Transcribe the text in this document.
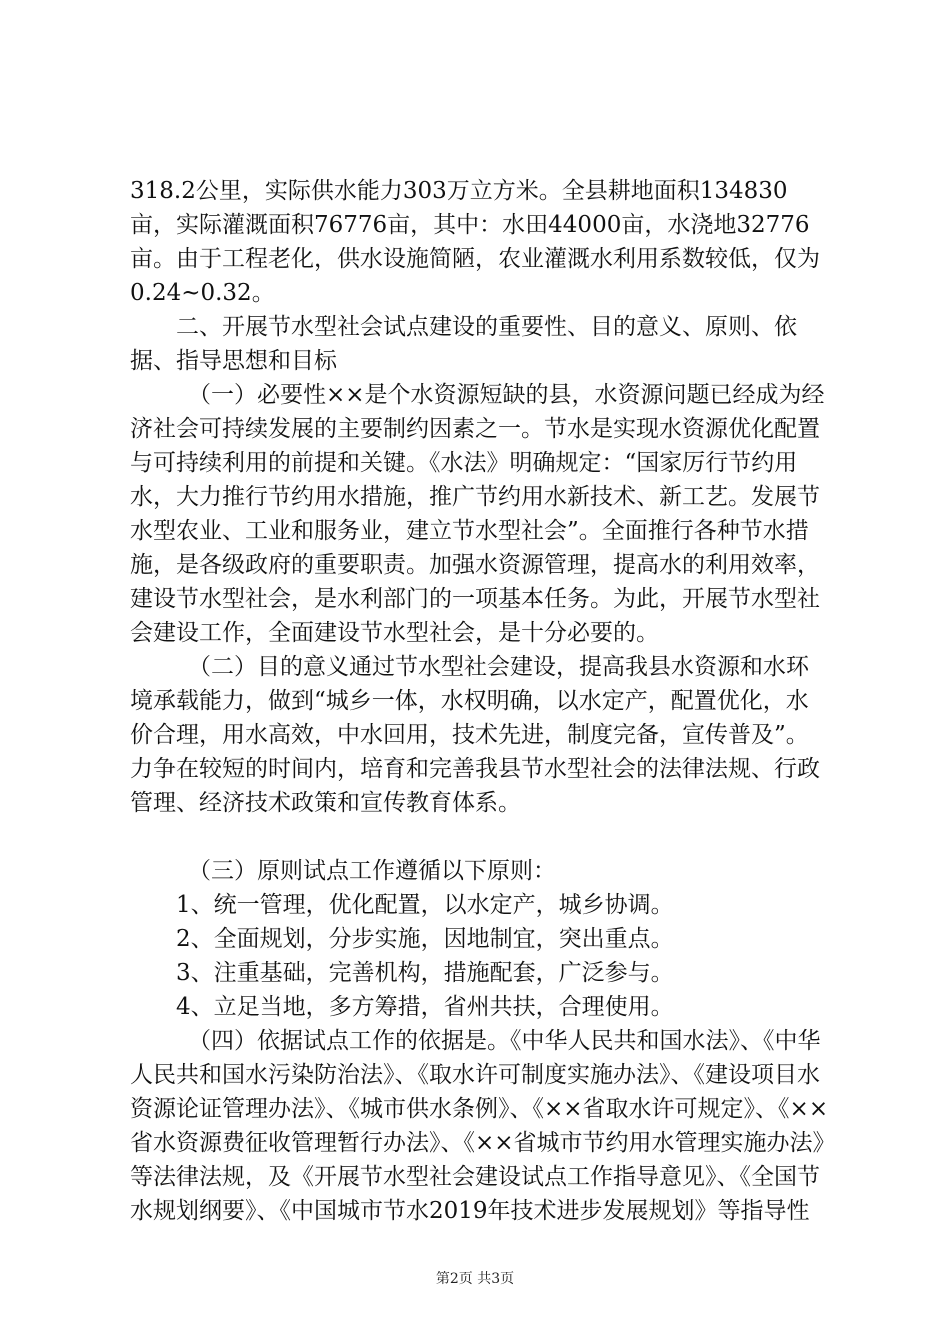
318.2公里，实际供水能力303万立方米。全县耕地面积134830亩，实际灌溉面积76776亩，其中：水田44000亩，水浇地32776亩。由于工程老化，供水设施简陋，农业灌溉水利用系数较低，仅为0.24~0.32。

二、开展节水型社会试点建设的重要性、目的意义、原则、依据、指导思想和目标

（一）必要性××是个水资源短缺的县，水资源问题已经成为经济社会可持续发展的主要制约因素之一。节水是实现水资源优化配置与可持续利用的前提和关键。《水法》明确规定：“国家厉行节约用水，大力推行节约用水措施，推广节约用水新技术、新工艺。发展节水型农业、工业和服务业，建立节水型社会”。全面推行各种节水措施，是各级政府的重要职责。加强水资源管理，提高水的利用效率，建设节水型社会，是水利部门的一项基本任务。为此，开展节水型社会建设工作，全面建设节水型社会，是十分必要的。

（二）目的意义通过节水型社会建设，提高我县水资源和水环境承载能力，做到“城乡一体，水权明确，以水定产，配置优化，水价合理，用水高效，中水回用，技术先进，制度完备，宣传普及”。力争在较短的时间内，培育和完善我县节水型社会的法律法规、行政管理、经济技术政策和宣传教育体系。

（三）原则试点工作遵循以下原则：

1、统一管理，优化配置，以水定产，城乡协调。

2、全面规划，分步实施，因地制宜，突出重点。

3、注重基础，完善机构，措施配套，广泛参与。

4、立足当地，多方筹措，省州共扶，合理使用。

（四）依据试点工作的依据是。《中华人民共和国水法》、《中华人民共和国水污染防治法》、《取水许可制度实施办法》、《建设项目水资源论证管理办法》、《城市供水条例》、《××省取水许可规定》、《××省水资源费征收管理暂行办法》、《××省城市节约用水管理实施办法》等法律法规，及《开展节水型社会建设试点工作指导意见》、《全国节水规划纲要》、《中国城市节水2019年技术进步发展规划》等指导性

第2页 共3页
